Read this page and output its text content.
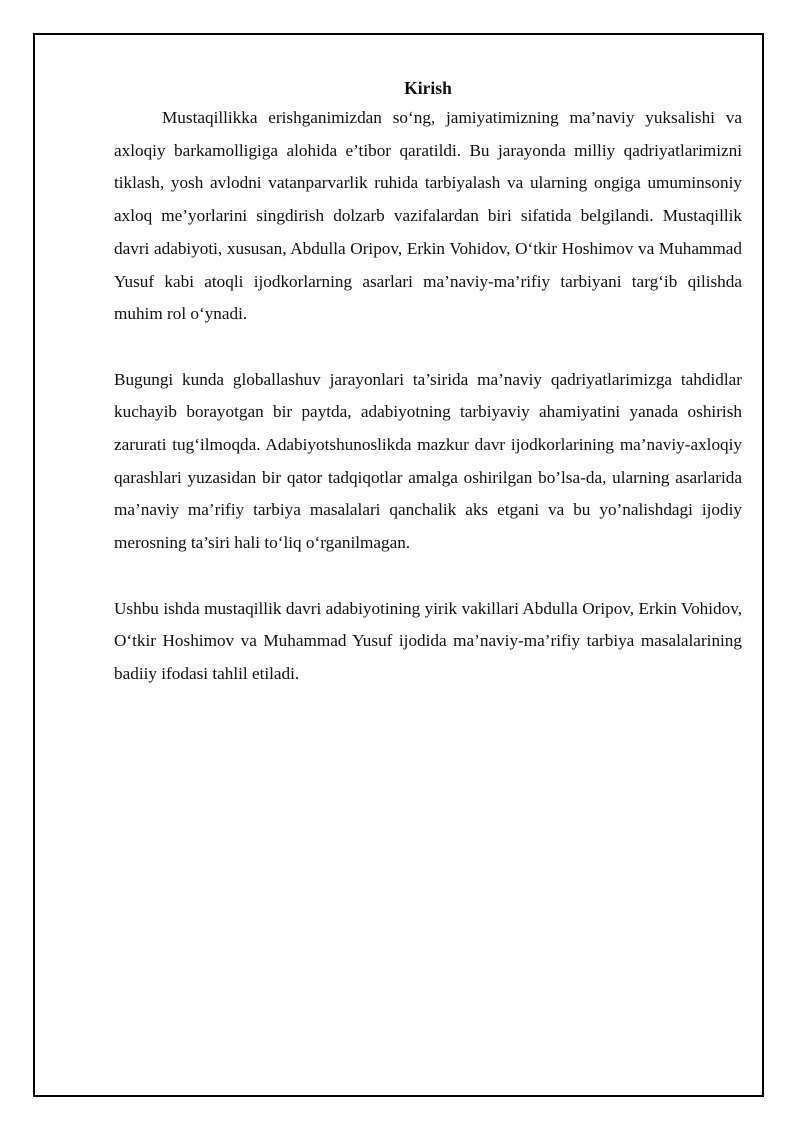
Kirish

Mustaqillikka erishganimizdan so‘ng, jamiyatimizning ma’naviy yuksalishi va axloqiy barkamolligiga alohida e’tibor qaratildi. Bu jarayonda milliy qadriyatlarimizni tiklash, yosh avlodni vatanparvarlik ruhida tarbiyalash va ularning ongiga umuminsoniy axloq me’yorlarini singdirish dolzarb vazifalardan biri sifatida belgilandi. Mustaqillik davri adabiyoti, xususan, Abdulla Oripov, Erkin Vohidov, O‘tkir Hoshimov va Muhammad Yusuf kabi atoqli ijodkorlarning asarlari ma’naviy-ma’rifiy tarbiyani targ‘ib qilishda muhim rol o‘ynadi.

Bugungi kunda globallashuv jarayonlari ta’sirida ma’naviy qadriyatlarimizga tahdidlar kuchayib borayotgan bir paytda, adabiyotning tarbiyaviy ahamiyatini yanada oshirish zarurati tug‘ilmoqda. Adabiyotshunoslikda mazkur davr ijodkorlarining ma’naviy-axloqiy qarashlari yuzasidan bir qator tadqiqotlar amalga oshirilgan bo’lsa-da, ularning asarlarida ma’naviy ma’rifiy tarbiya masalalari qanchalik aks etgani va bu yo’nalishdagi ijodiy merosning ta’siri hali to‘liq o‘rganilmagan.

Ushbu ishda mustaqillik davri adabiyotining yirik vakillari Abdulla Oripov, Erkin Vohidov, O‘tkir Hoshimov va Muhammad Yusuf ijodida ma’naviy-ma’rifiy tarbiya masalalarining badiiy ifodasi tahlil etiladi.
